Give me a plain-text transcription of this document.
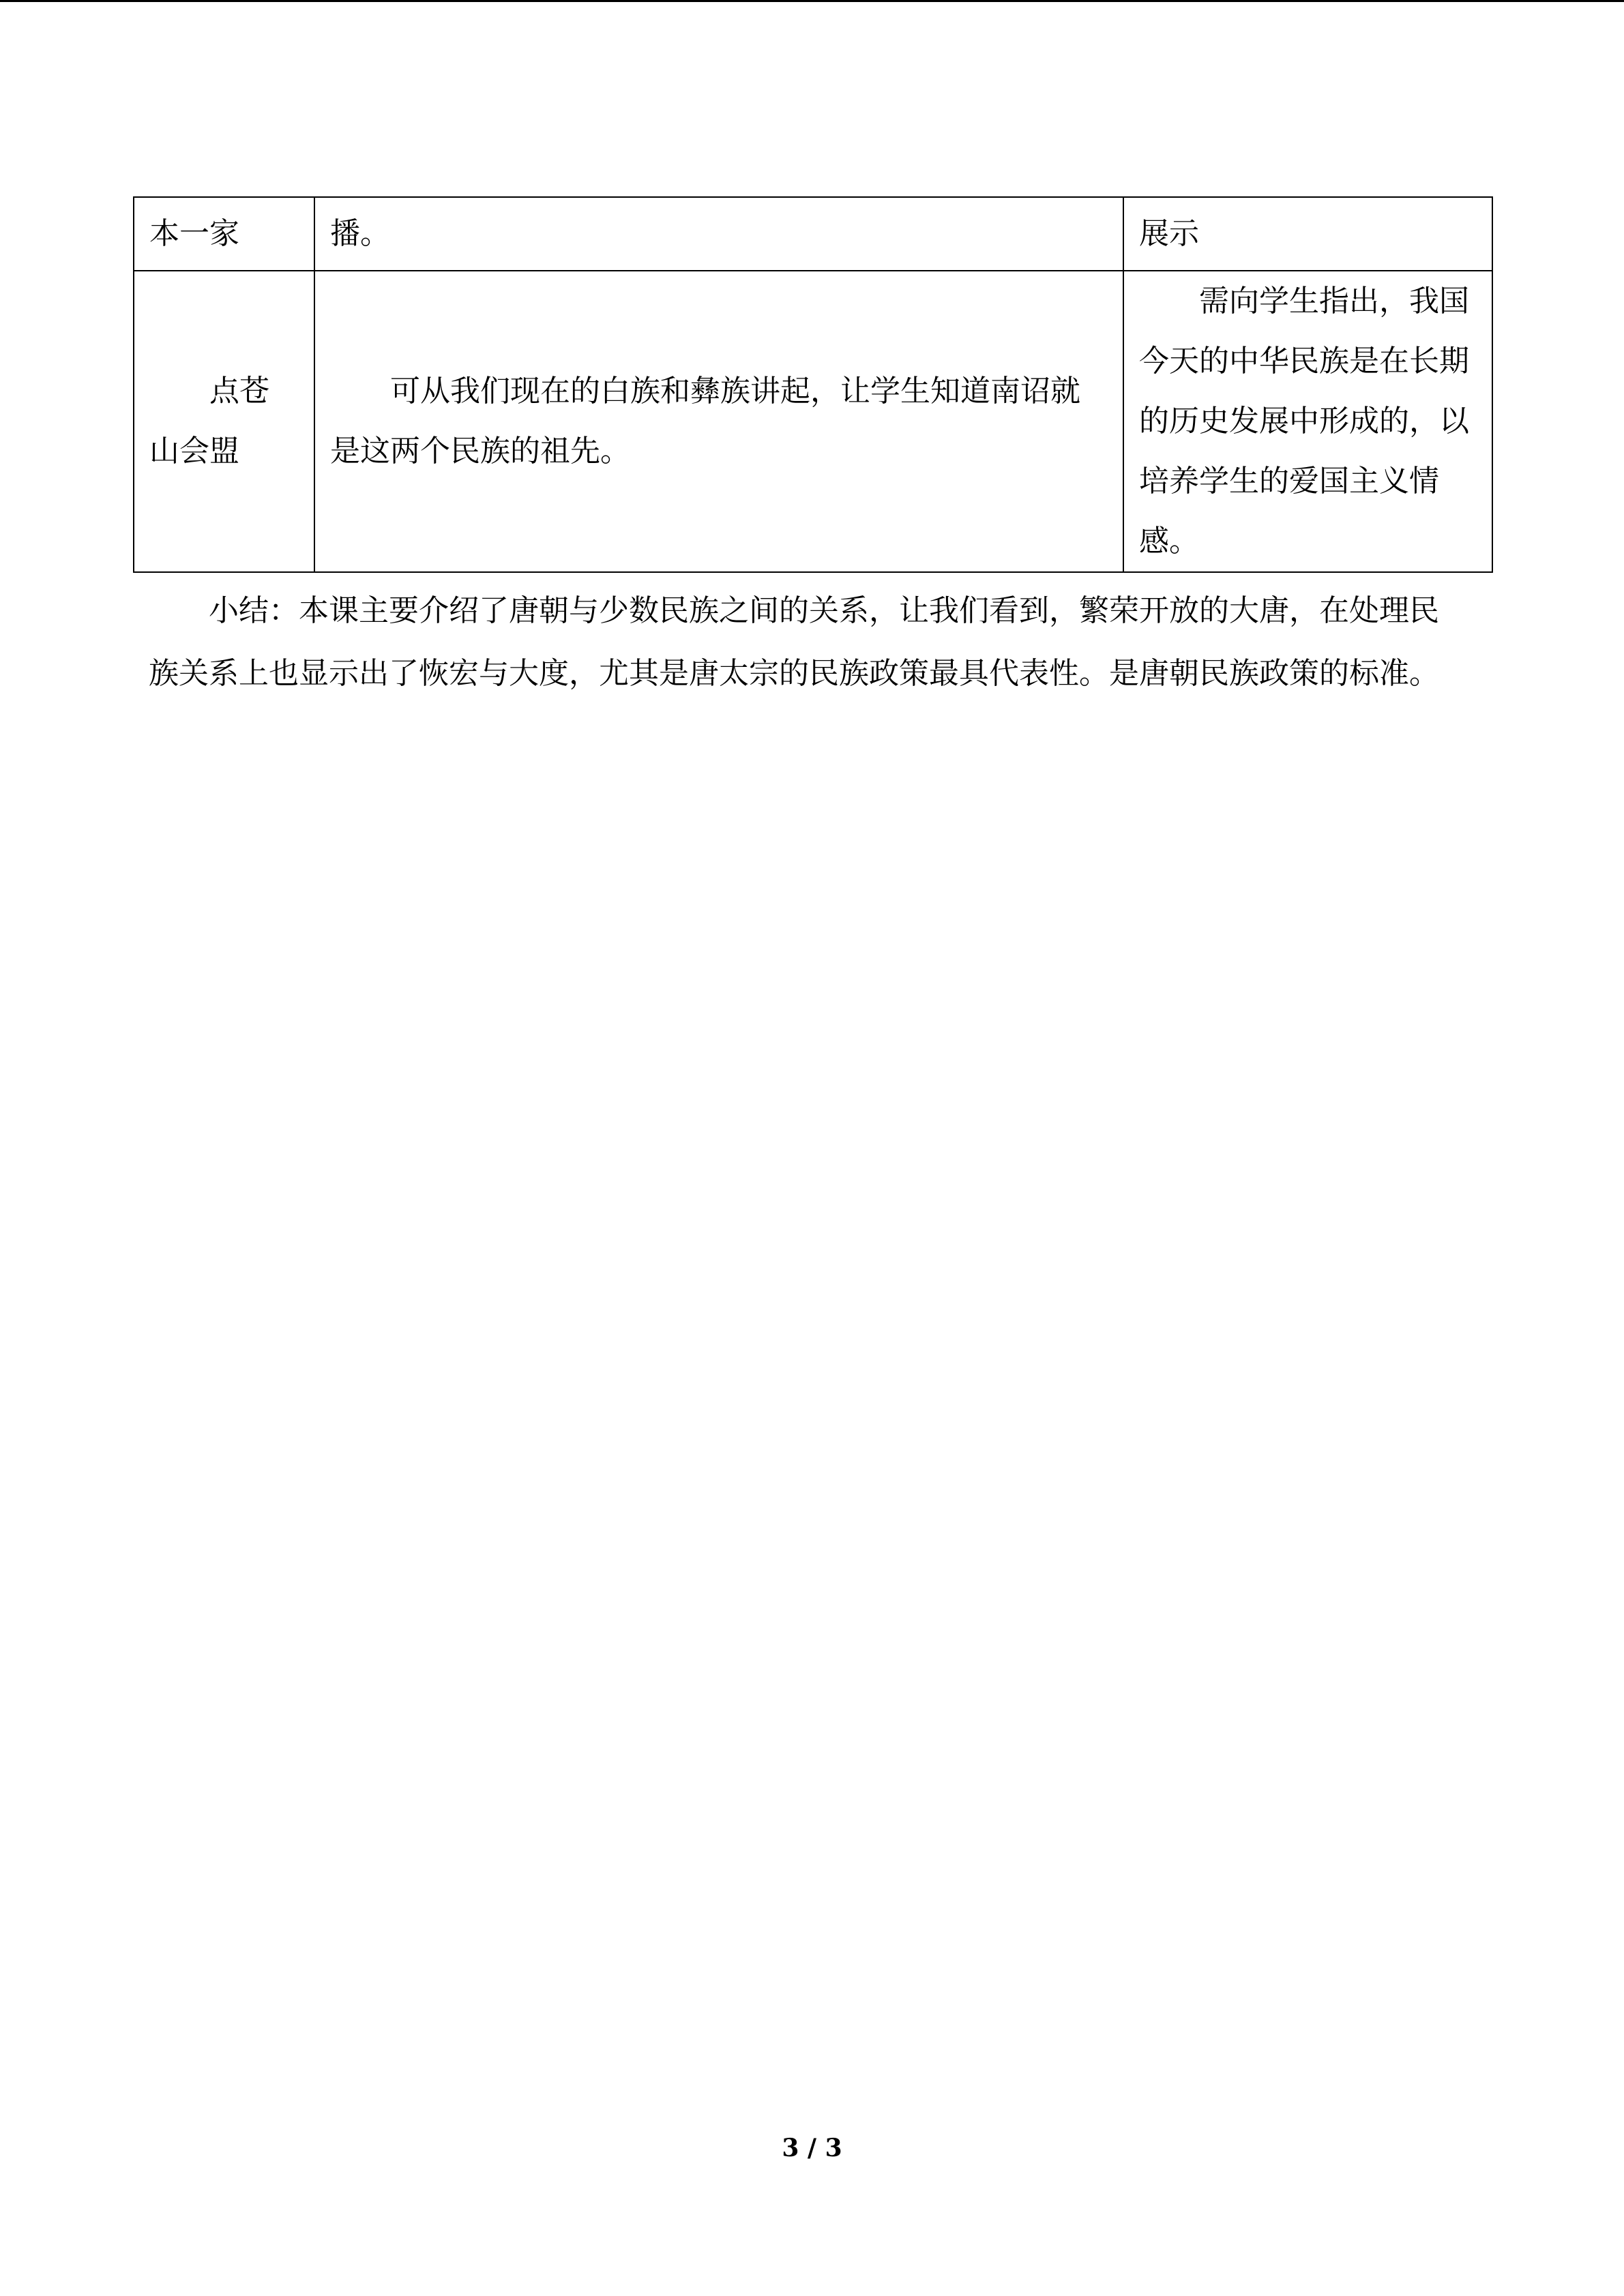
本一家	播。	展示
点苍山会盟	可从我们现在的白族和彝族讲起，让学生知道南诏就是这两个民族的祖先。	需向学生指出，我国今天的中华民族是在长期的历史发展中形成的，以培养学生的爱国主义情感。

小结：本课主要介绍了唐朝与少数民族之间的关系，让我们看到，繁荣开放的大唐，在处理民族关系上也显示出了恢宏与大度，尤其是唐太宗的民族政策最具代表性。是唐朝民族政策的标准。

3 / 3
